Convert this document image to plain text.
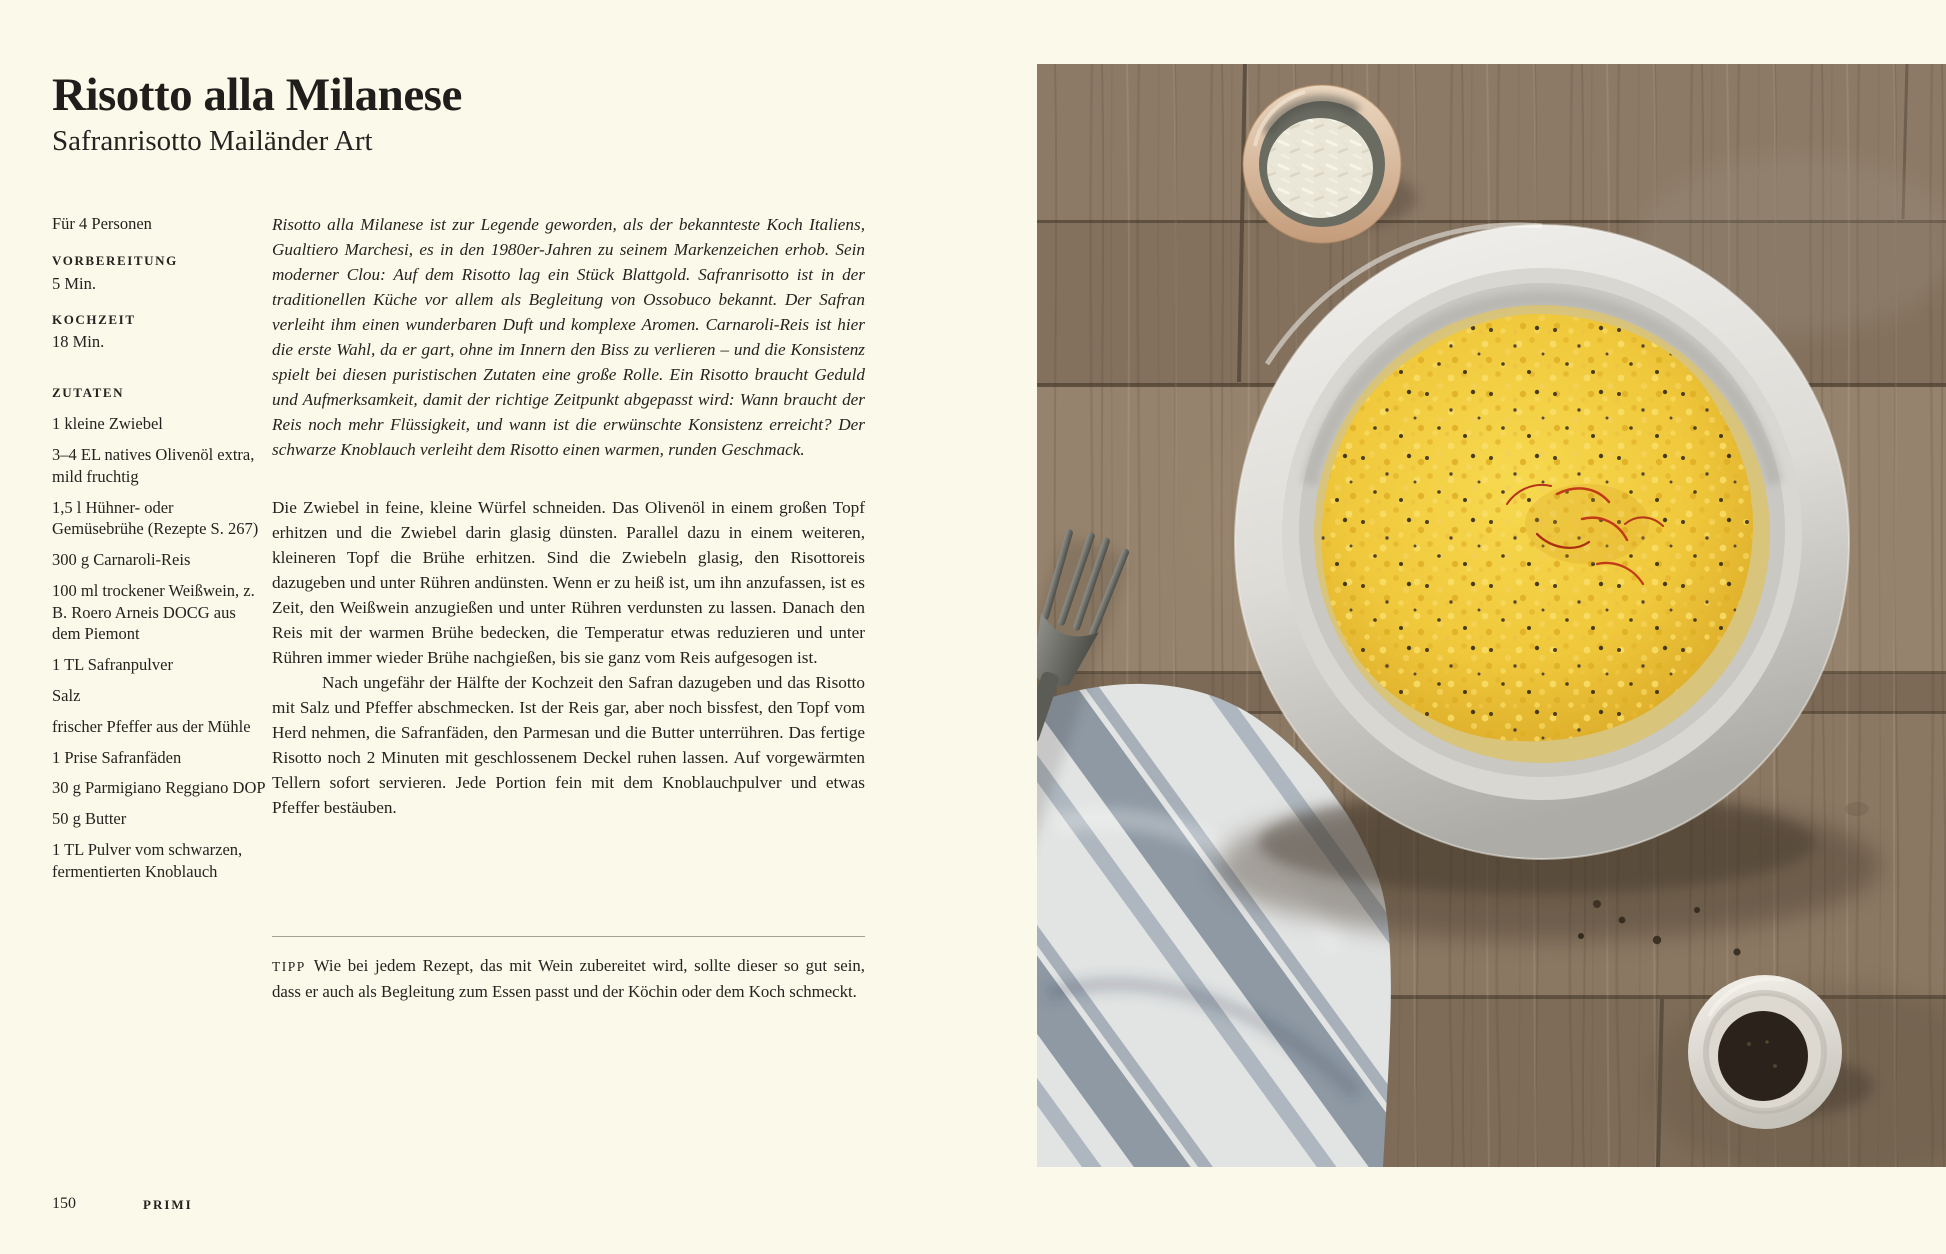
Risotto alla Milanese
Safranrisotto Mailänder Art
Für 4 Personen
VORBEREITUNG
5 Min.
KOCHZEIT
18 Min.
ZUTATEN
1 kleine Zwiebel
3–4 EL natives Olivenöl extra, mild fruchtig
1,5 l Hühner- oder Gemüsebrühe (Rezepte S. 267)
300 g Carnaroli-Reis
100 ml trockener Weißwein, z. B. Roero Arneis DOCG aus dem Piemont
1 TL Safranpulver
Salz
frischer Pfeffer aus der Mühle
1 Prise Safranfäden
30 g Parmigiano Reggiano DOP
50 g Butter
1 TL Pulver vom schwarzen, fermentierten Knoblauch

Risotto alla Milanese ist zur Legende geworden, als der bekannteste Koch Italiens, Gualtiero Marchesi, es in den 1980er-Jahren zu seinem Markenzeichen erhob. Sein moderner Clou: Auf dem Risotto lag ein Stück Blattgold. Safranrisotto ist in der traditionellen Küche vor allem als Begleitung von Ossobuco bekannt. Der Safran verleiht ihm einen wunderbaren Duft und komplexe Aromen. Carnaroli-Reis ist hier die erste Wahl, da er gart, ohne im Innern den Biss zu verlieren – und die Konsistenz spielt bei diesen puristischen Zutaten eine große Rolle. Ein Risotto braucht Geduld und Aufmerksamkeit, damit der richtige Zeitpunkt abgepasst wird: Wann braucht der Reis noch mehr Flüssigkeit, und wann ist die erwünschte Konsistenz erreicht? Der schwarze Knoblauch verleiht dem Risotto einen warmen, runden Geschmack.

Die Zwiebel in feine, kleine Würfel schneiden. Das Olivenöl in einem großen Topf erhitzen und die Zwiebel darin glasig dünsten. Parallel dazu in einem weiteren, kleineren Topf die Brühe erhitzen. Sind die Zwiebeln glasig, den Risottoreis dazugeben und unter Rühren andünsten. Wenn er zu heiß ist, um ihn anzufassen, ist es Zeit, den Weißwein anzugießen und unter Rühren verdunsten zu lassen. Danach den Reis mit der warmen Brühe bedecken, die Temperatur etwas reduzieren und unter Rühren immer wieder Brühe nachgießen, bis sie ganz vom Reis aufgesogen ist.

Nach ungefähr der Hälfte der Kochzeit den Safran dazugeben und das Risotto mit Salz und Pfeffer abschmecken. Ist der Reis gar, aber noch bissfest, den Topf vom Herd nehmen, die Safranfäden, den Parmesan und die Butter unterrühren. Das fertige Risotto noch 2 Minuten mit geschlossenem Deckel ruhen lassen. Auf vorgewärmten Tellern sofort servieren. Jede Portion fein mit dem Knoblauchpulver und etwas Pfeffer bestäuben.

TIPP Wie bei jedem Rezept, das mit Wein zubereitet wird, sollte dieser so gut sein, dass er auch als Begleitung zum Essen passt und der Köchin oder dem Koch schmeckt.
150	PRIMI
